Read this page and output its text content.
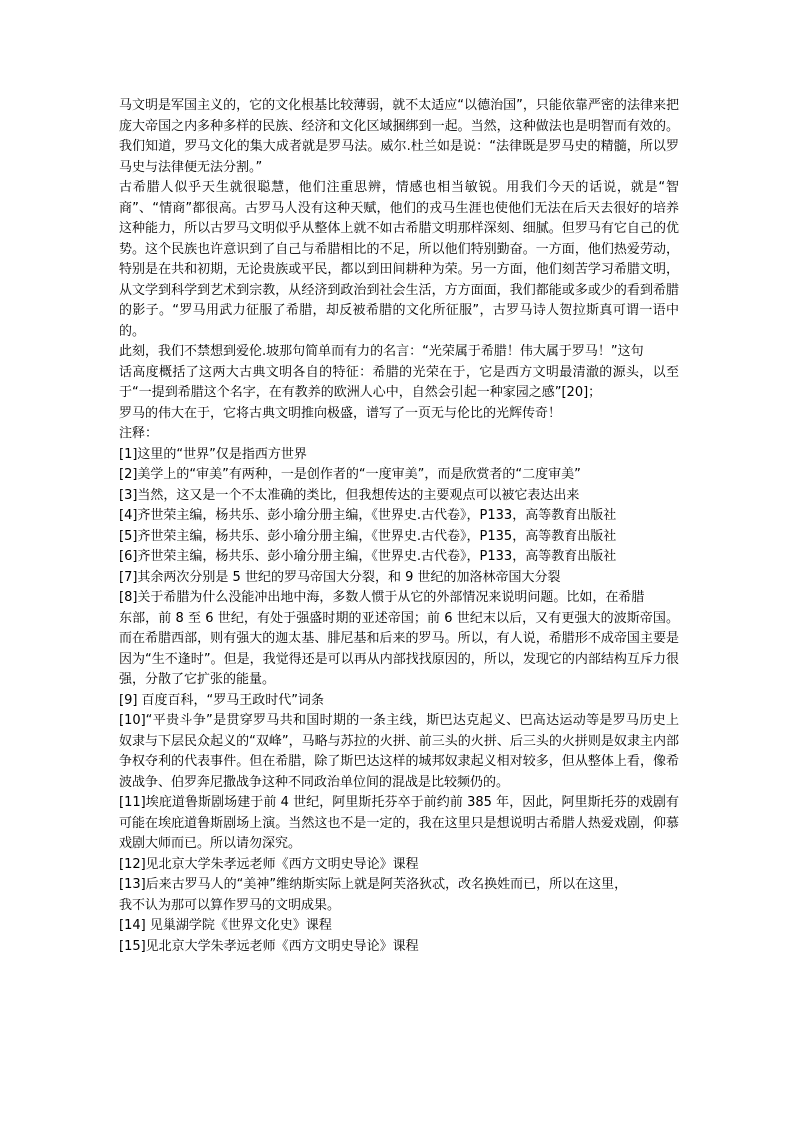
马文明是军国主义的，它的文化根基比较薄弱，就不太适应“以德治国”，只能依靠严密的法律来把庞大帝国之内多种多样的民族、经济和文化区域捆绑到一起。当然，这种做法也是明智而有效的。我们知道，罗马文化的集大成者就是罗马法。威尔.杜兰如是说：“法律既是罗马史的精髓，所以罗马史与法律便无法分割。”

古希腊人似乎天生就很聪慧，他们注重思辨，情感也相当敏锐。用我们今天的话说，就是“智商”、“情商”都很高。古罗马人没有这种天赋，他们的戎马生涯也使他们无法在后天去很好的培养这种能力，所以古罗马文明似乎从整体上就不如古希腊文明那样深刻、细腻。但罗马有它自己的优势。这个民族也许意识到了自己与希腊相比的不足，所以他们特别勤奋。一方面，他们热爱劳动，特别是在共和初期，无论贵族或平民，都以到田间耕种为荣。另一方面，他们刻苦学习希腊文明，从文学到科学到艺术到宗教，从经济到政治到社会生活，方方面面，我们都能或多或少的看到希腊的影子。“罗马用武力征服了希腊，却反被希腊的文化所征服”，古罗马诗人贺拉斯真可谓一语中的。

此刻，我们不禁想到爱伦.坡那句简单而有力的名言：“光荣属于希腊！伟大属于罗马！”这句

话高度概括了这两大古典文明各自的特征：希腊的光荣在于，它是西方文明最清澈的源头，以至于“一提到希腊这个名字，在有教养的欧洲人心中，自然会引起一种家园之感”[20]；

罗马的伟大在于，它将古典文明推向极盛，谱写了一页无与伦比的光辉传奇！

注释：

[1]这里的“世界”仅是指西方世界

[2]美学上的“审美”有两种，一是创作者的“一度审美”，而是欣赏者的“二度审美”

[3]当然，这又是一个不太准确的类比，但我想传达的主要观点可以被它表达出来

[4]齐世荣主编，杨共乐、彭小瑜分册主编，《世界史.古代卷》，P133，高等教育出版社

[5]齐世荣主编，杨共乐、彭小瑜分册主编，《世界史.古代卷》，P135，高等教育出版社

[6]齐世荣主编，杨共乐、彭小瑜分册主编，《世界史.古代卷》，P133，高等教育出版社

[7]其余两次分别是 5 世纪的罗马帝国大分裂，和 9 世纪的加洛林帝国大分裂

[8]关于希腊为什么没能冲出地中海，多数人惯于从它的外部情况来说明问题。比如，在希腊

东部，前 8 至 6 世纪，有处于强盛时期的亚述帝国；前 6 世纪末以后，又有更强大的波斯帝国。而在希腊西部，则有强大的迦太基、腓尼基和后来的罗马。所以，有人说，希腊形不成帝国主要是因为“生不逢时”。但是，我觉得还是可以再从内部找找原因的，所以，发现它的内部结构互斥力很强，分散了它扩张的能量。

[9] 百度百科，“罗马王政时代”词条

[10]“平贵斗争”是贯穿罗马共和国时期的一条主线，斯巴达克起义、巴高达运动等是罗马历史上奴隶与下层民众起义的“双峰”，马略与苏拉的火拼、前三头的火拼、后三头的火拼则是奴隶主内部争权夺利的代表事件。但在希腊，除了斯巴达这样的城邦奴隶起义相对较多，但从整体上看，像希波战争、伯罗奔尼撒战争这种不同政治单位间的混战是比较频仍的。

[11]埃庇道鲁斯剧场建于前 4 世纪，阿里斯托芬卒于前约前 385 年，因此，阿里斯托芬的戏剧有可能在埃庇道鲁斯剧场上演。当然这也不是一定的，我在这里只是想说明古希腊人热爱戏剧，仰慕戏剧大师而已。所以请勿深究。

[12]见北京大学朱孝远老师《西方文明史导论》课程

[13]后来古罗马人的“美神”维纳斯实际上就是阿芙洛狄忒，改名换姓而已，所以在这里，

我不认为那可以算作罗马的文明成果。

[14] 见巢湖学院《世界文化史》课程

[15]见北京大学朱孝远老师《西方文明史导论》课程
